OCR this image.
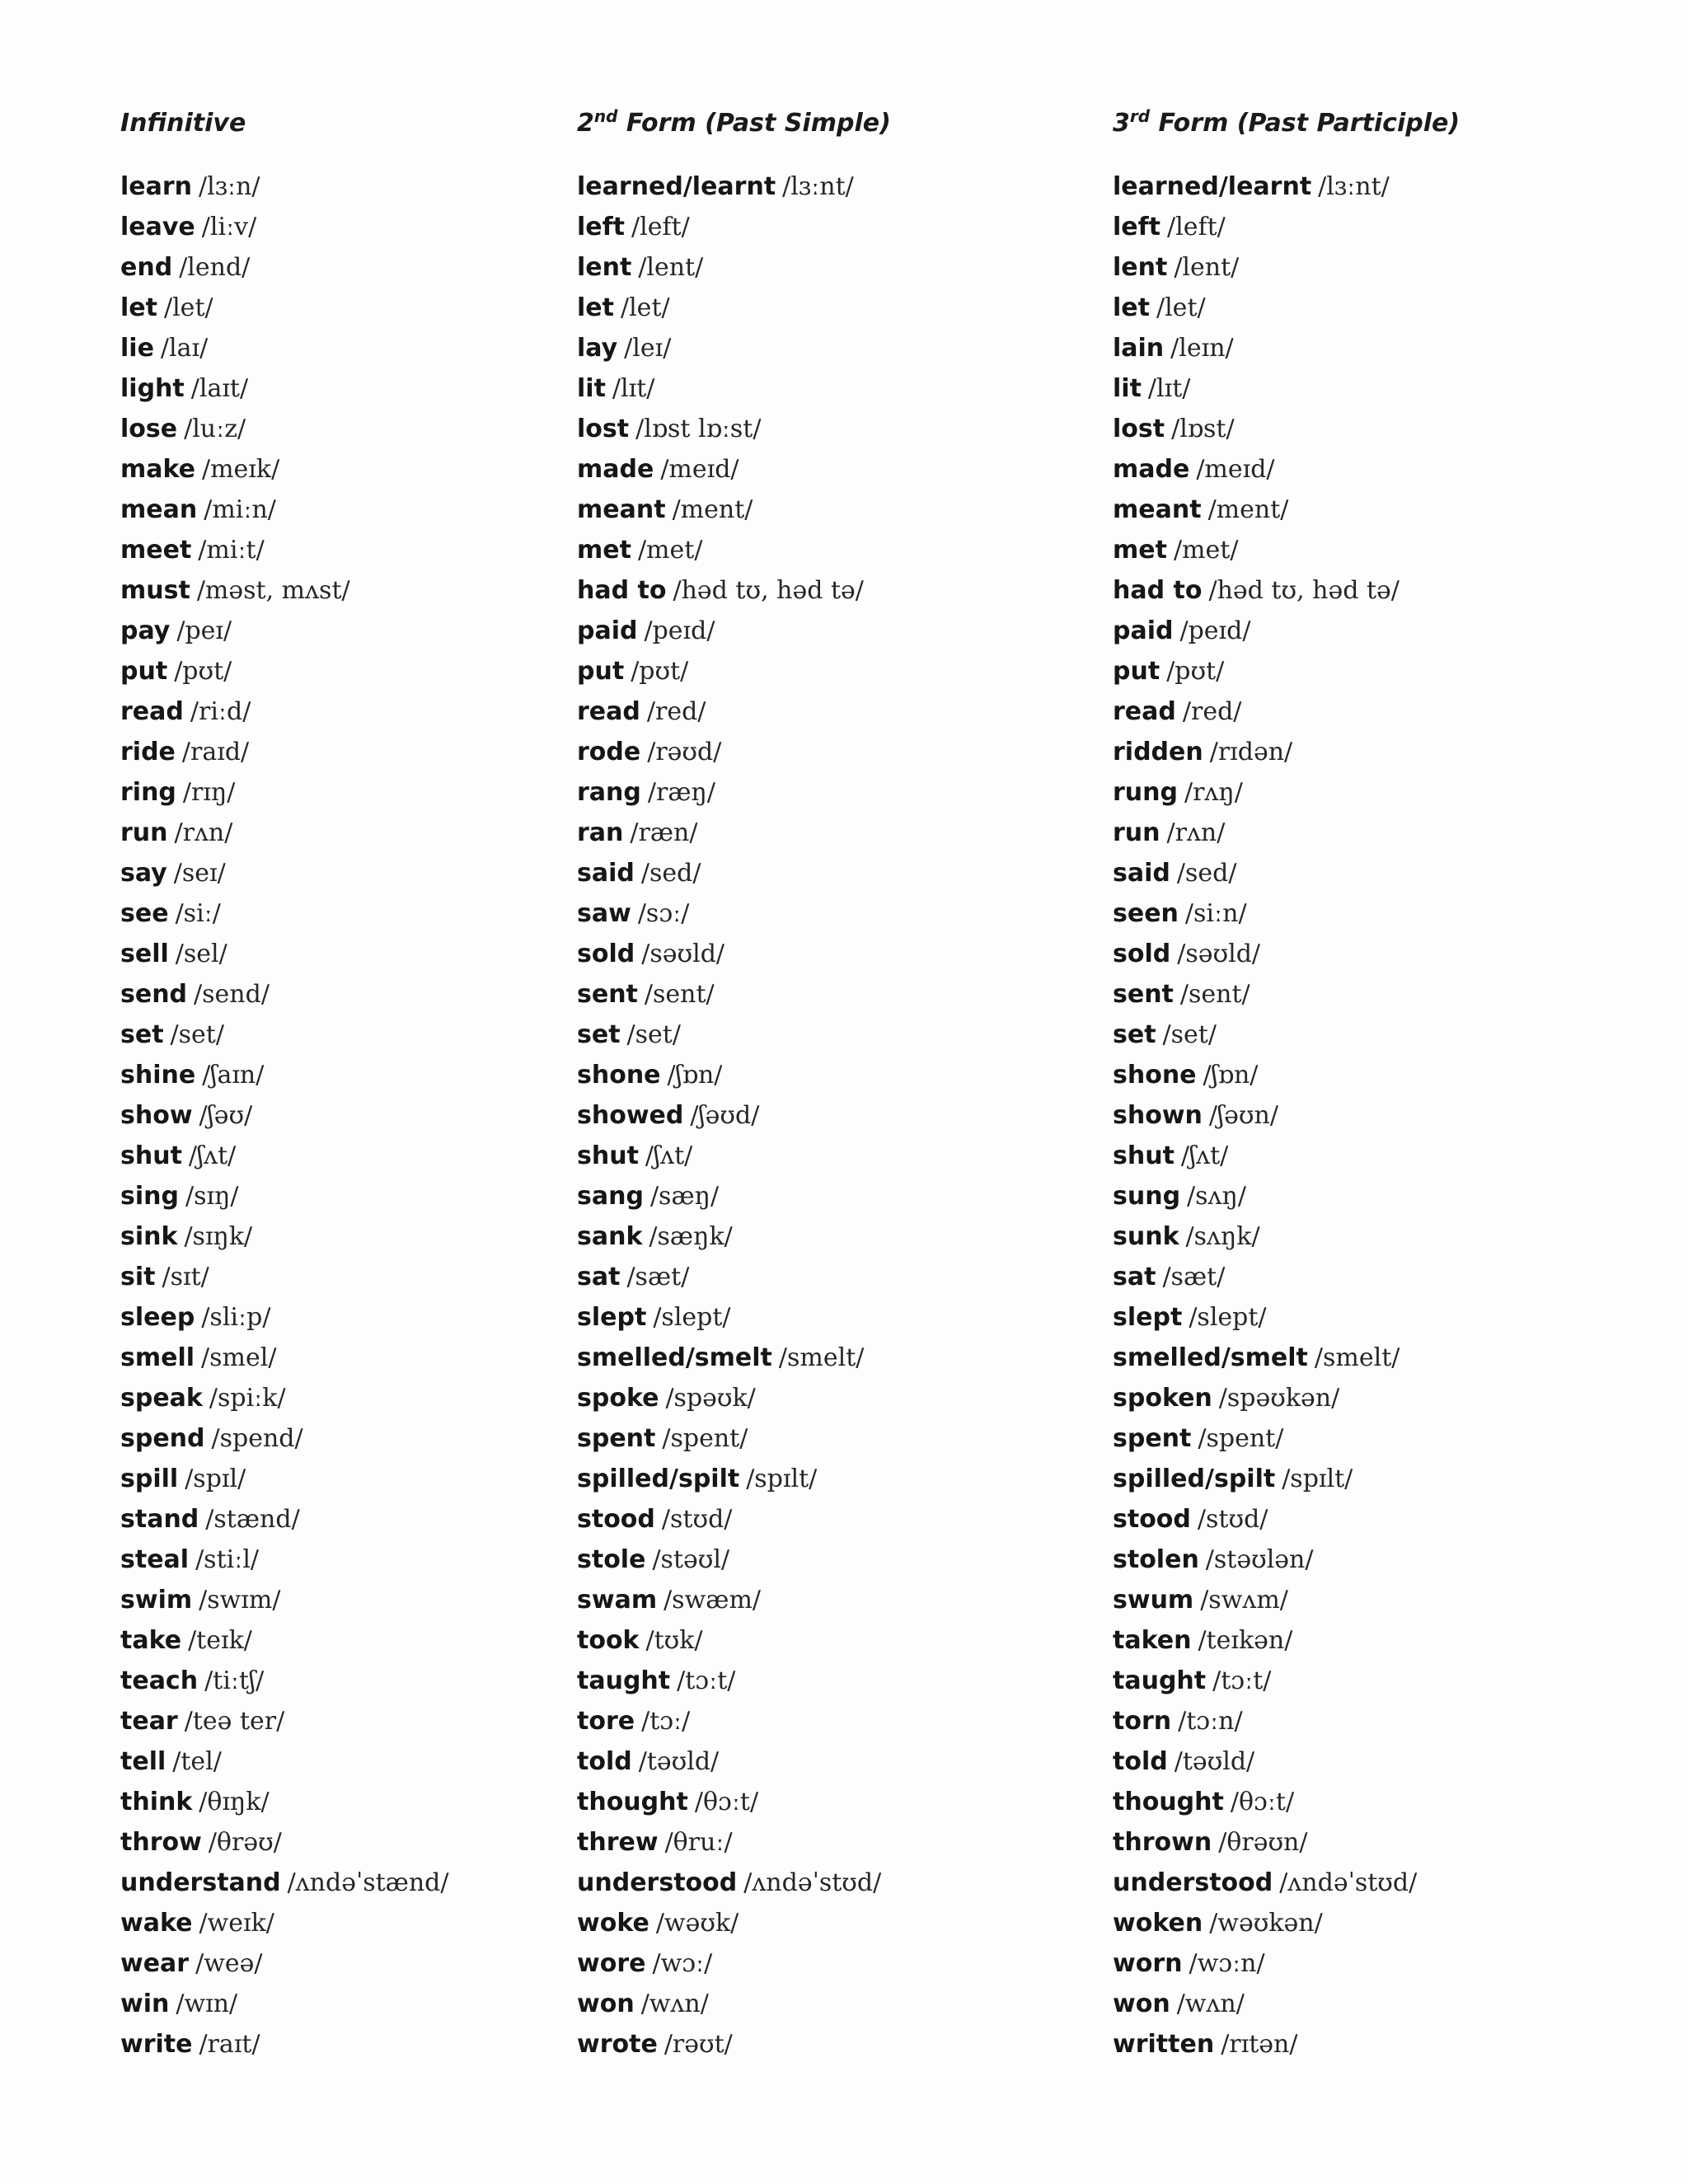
Infinitive
learn /lɜːn/
leave /liːv/
end /lend/
let /let/
lie /laɪ/
light /laɪt/
lose /luːz/
make /meɪk/
mean /miːn/
meet /miːt/
must /məst, mʌst/
pay /peɪ/
put /pʊt/
read /riːd/
ride /raɪd/
ring /rɪŋ/
run /rʌn/
say /seɪ/
see /siː/
sell /sel/
send /send/
set /set/
shine /ʃaɪn/
show /ʃəʊ/
shut /ʃʌt/
sing /sɪŋ/
sink /sɪŋk/
sit /sɪt/
sleep /sliːp/
smell /smel/
speak /spiːk/
spend /spend/
spill /spɪl/
stand /stænd/
steal /stiːl/
swim /swɪm/
take /teɪk/
teach /tiːtʃ/
tear /teə ter/
tell /tel/
think /θɪŋk/
throw /θrəʊ/
understand /ʌndəˈstænd/
wake /weɪk/
wear /weə/
win /wɪn/
write /raɪt/
2nd Form (Past Simple)
learned/learnt /lɜːnt/
left /left/
lent /lent/
let /let/
lay /leɪ/
lit /lɪt/
lost /lɒst lɒːst/
made /meɪd/
meant /ment/
met /met/
had to /həd tʊ, həd tə/
paid /peɪd/
put /pʊt/
read /red/
rode /rəʊd/
rang /ræŋ/
ran /ræn/
said /sed/
saw /sɔː/
sold /səʊld/
sent /sent/
set /set/
shone /ʃɒn/
showed /ʃəʊd/
shut /ʃʌt/
sang /sæŋ/
sank /sæŋk/
sat /sæt/
slept /slept/
smelled/smelt /smelt/
spoke /spəʊk/
spent /spent/
spilled/spilt /spɪlt/
stood /stʊd/
stole /stəʊl/
swam /swæm/
took /tʊk/
taught /tɔːt/
tore /tɔː/
told /təʊld/
thought /θɔːt/
threw /θruː/
understood /ʌndəˈstʊd/
woke /wəʊk/
wore /wɔː/
won /wʌn/
wrote /rəʊt/
3rd Form (Past Participle)
learned/learnt /lɜːnt/
left /left/
lent /lent/
let /let/
lain /leɪn/
lit /lɪt/
lost /lɒst/
made /meɪd/
meant /ment/
met /met/
had to /həd tʊ, həd tə/
paid /peɪd/
put /pʊt/
read /red/
ridden /rɪdən/
rung /rʌŋ/
run /rʌn/
said /sed/
seen /siːn/
sold /səʊld/
sent /sent/
set /set/
shone /ʃɒn/
shown /ʃəʊn/
shut /ʃʌt/
sung /sʌŋ/
sunk /sʌŋk/
sat /sæt/
slept /slept/
smelled/smelt /smelt/
spoken /spəʊkən/
spent /spent/
spilled/spilt /spɪlt/
stood /stʊd/
stolen /stəʊlən/
swum /swʌm/
taken /teɪkən/
taught /tɔːt/
torn /tɔːn/
told /təʊld/
thought /θɔːt/
thrown /θrəʊn/
understood /ʌndəˈstʊd/
woken /wəʊkən/
worn /wɔːn/
won /wʌn/
written /rɪtən/
